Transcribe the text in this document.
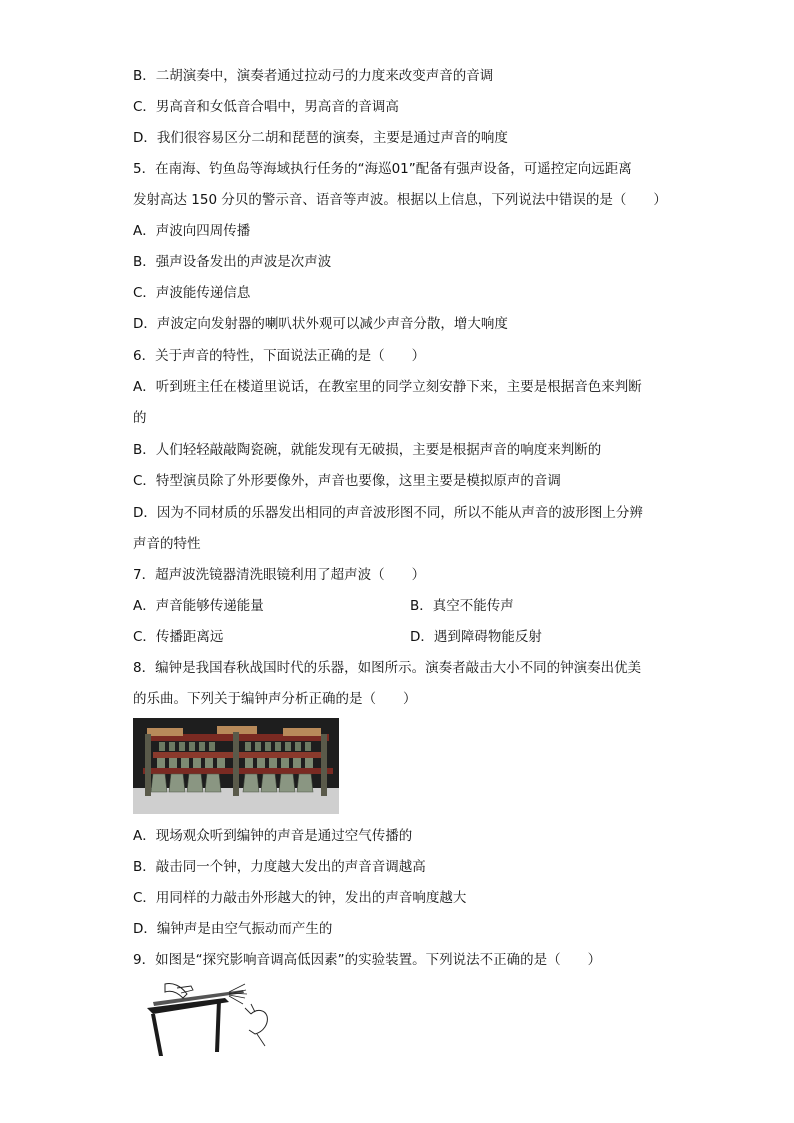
B．二胡演奏中，演奏者通过拉动弓的力度来改变声音的音调
C．男高音和女低音合唱中，男高音的音调高
D．我们很容易区分二胡和琵琶的演奏，主要是通过声音的响度
5．在南海、钓鱼岛等海域执行任务的“海巡01”配备有强声设备，可遥控定向远距离
发射高达 150 分贝的警示音、语音等声波。根据以上信息，下列说法中错误的是（　　）
A．声波向四周传播
B．强声设备发出的声波是次声波
C．声波能传递信息
D．声波定向发射器的喇叭状外观可以减少声音分散，增大响度
6．关于声音的特性，下面说法正确的是（　　）
A．听到班主任在楼道里说话，在教室里的同学立刻安静下来，主要是根据音色来判断
的
B．人们轻轻敲敲陶瓷碗，就能发现有无破损，主要是根据声音的响度来判断的
C．特型演员除了外形要像外，声音也要像，这里主要是模拟原声的音调
D．因为不同材质的乐器发出相同的声音波形图不同，所以不能从声音的波形图上分辨
声音的特性
7．超声波洗镜器清洗眼镜利用了超声波（　　）
A．声音能够传递能量	B．真空不能传声
C．传播距离远	D．遇到障碍物能反射
8．编钟是我国春秋战国时代的乐器，如图所示。演奏者敲击大小不同的钟演奏出优美
的乐曲。下列关于编钟声分析正确的是（　　）
A．现场观众听到编钟的声音是通过空气传播的
B．敲击同一个钟，力度越大发出的声音音调越高
C．用同样的力敲击外形越大的钟，发出的声音响度越大
D．编钟声是由空气振动而产生的
9．如图是“探究影响音调高低因素”的实验装置。下列说法不正确的是（　　）
